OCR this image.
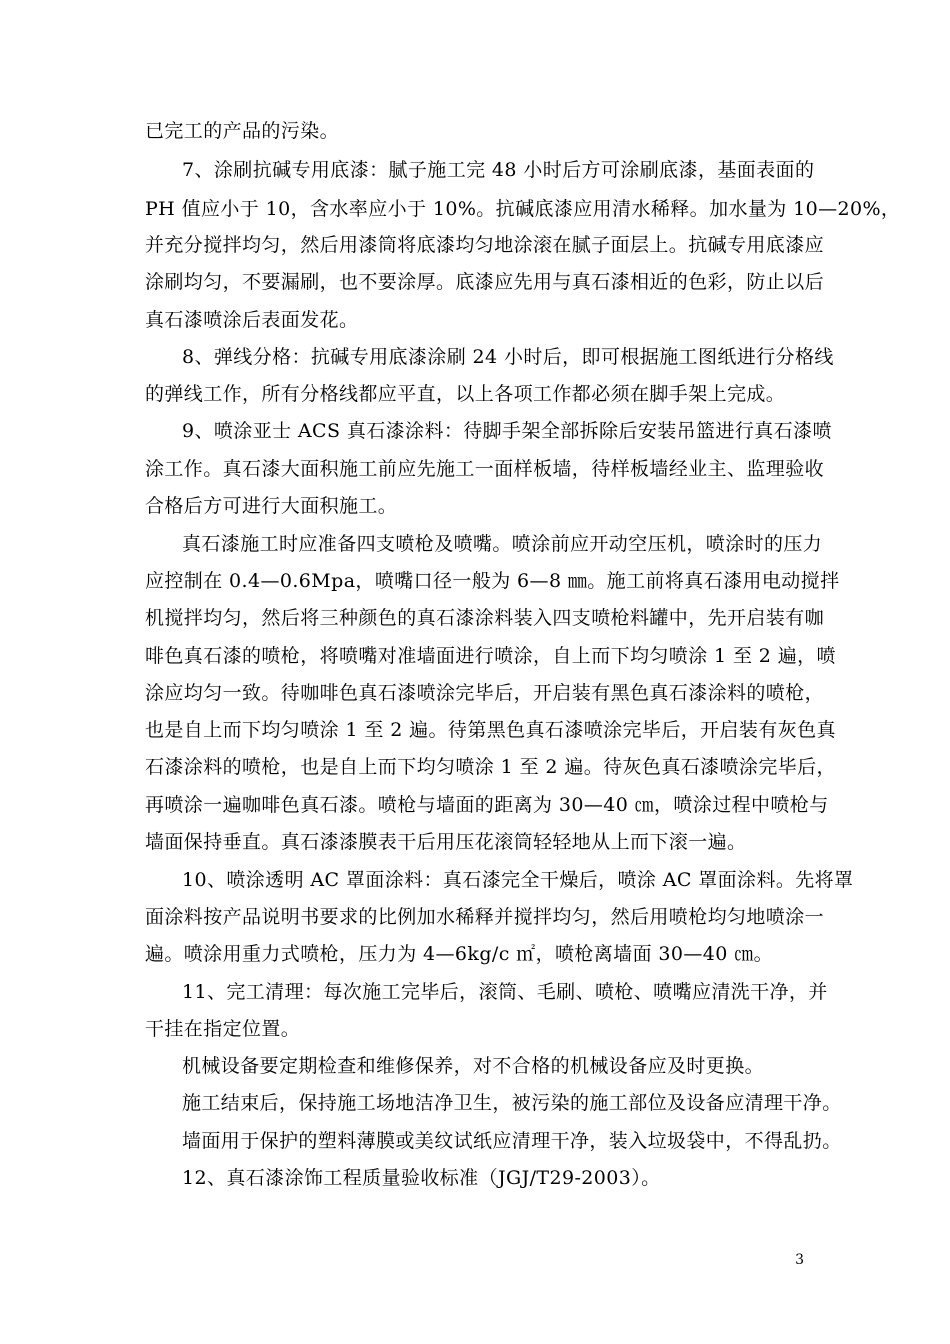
已完工的产品的污染。
7、涂刷抗碱专用底漆：腻子施工完 48 小时后方可涂刷底漆，基面表面的
PH 值应小于 10，含水率应小于 10%。抗碱底漆应用清水稀释。加水量为 10—20%，
并充分搅拌均匀，然后用漆筒将底漆均匀地涂滚在腻子面层上。抗碱专用底漆应
涂刷均匀，不要漏刷，也不要涂厚。底漆应先用与真石漆相近的色彩，防止以后
真石漆喷涂后表面发花。
8、弹线分格：抗碱专用底漆涂刷 24 小时后，即可根据施工图纸进行分格线
的弹线工作，所有分格线都应平直，以上各项工作都必须在脚手架上完成。
9、喷涂亚士 ACS 真石漆涂料：待脚手架全部拆除后安装吊篮进行真石漆喷
涂工作。真石漆大面积施工前应先施工一面样板墙，待样板墙经业主、监理验收
合格后方可进行大面积施工。
真石漆施工时应准备四支喷枪及喷嘴。喷涂前应开动空压机，喷涂时的压力
应控制在 0.4—0.6Mpa，喷嘴口径一般为 6—8 ㎜。施工前将真石漆用电动搅拌
机搅拌均匀，然后将三种颜色的真石漆涂料装入四支喷枪料罐中，先开启装有咖
啡色真石漆的喷枪，将喷嘴对准墙面进行喷涂，自上而下均匀喷涂 1 至 2 遍，喷
涂应均匀一致。待咖啡色真石漆喷涂完毕后，开启装有黑色真石漆涂料的喷枪，
也是自上而下均匀喷涂 1 至 2 遍。待第黑色真石漆喷涂完毕后，开启装有灰色真
石漆涂料的喷枪，也是自上而下均匀喷涂 1 至 2 遍。待灰色真石漆喷涂完毕后，
再喷涂一遍咖啡色真石漆。喷枪与墙面的距离为 30—40 ㎝，喷涂过程中喷枪与
墙面保持垂直。真石漆漆膜表干后用压花滚筒轻轻地从上而下滚一遍。
10、喷涂透明 AC 罩面涂料：真石漆完全干燥后，喷涂 AC 罩面涂料。先将罩
面涂料按产品说明书要求的比例加水稀释并搅拌均匀，然后用喷枪均匀地喷涂一
遍。喷涂用重力式喷枪，压力为 4—6kg/c ㎡，喷枪离墙面 30—40 ㎝。
11、完工清理：每次施工完毕后，滚筒、毛刷、喷枪、喷嘴应清洗干净，并
干挂在指定位置。
机械设备要定期检查和维修保养，对不合格的机械设备应及时更换。
施工结束后，保持施工场地洁净卫生，被污染的施工部位及设备应清理干净。
墙面用于保护的塑料薄膜或美纹试纸应清理干净，装入垃圾袋中，不得乱扔。
12、真石漆涂饰工程质量验收标准（JGJ/T29-2003）。
3
